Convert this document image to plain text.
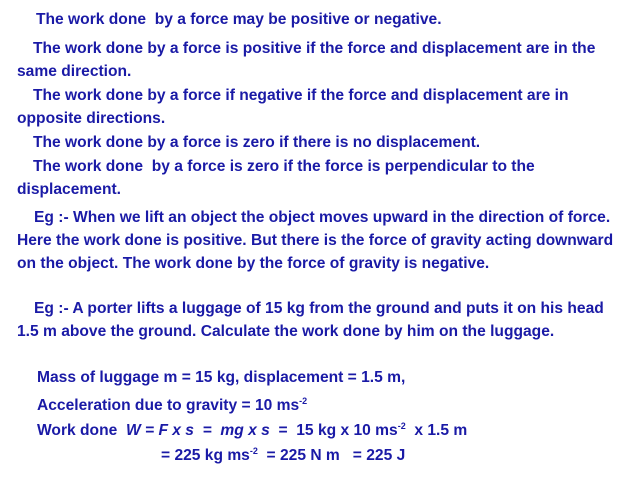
The work done  by a force may be positive or negative.
The work done by a force is positive if the force and displacement are in the same direction.
The work done by a force if negative if the force and displacement are in opposite directions.
The work done by a force is zero if there is no displacement.
The work done  by a force is zero if the force is perpendicular to the displacement.
Eg :- When we lift an object the object moves upward in the direction of force. Here the work done is positive. But there is the force of gravity acting downward on the object. The work done by the force of gravity is negative.
Eg :- A porter lifts a luggage of 15 kg from the ground and puts it on his head 1.5 m above the ground. Calculate the work done by him on the luggage.
Mass of luggage m = 15 kg, displacement = 1.5 m,
Acceleration due to gravity = 10 $ms^{-2}$
Work done  W = F x s  =  mg x s  =  15 kg x 10 $ms^{-2}$  x 1.5 m
= 225 kg $ms^{-2} = 225$ N m   = 225 J
